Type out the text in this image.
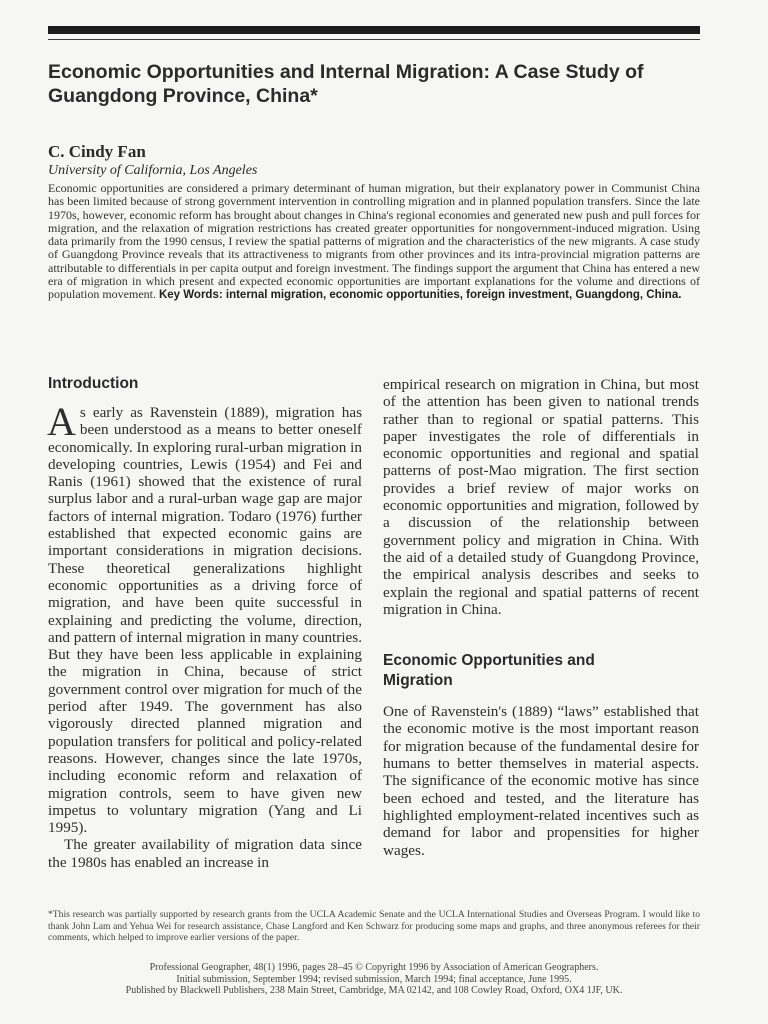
Economic Opportunities and Internal Migration: A Case Study of Guangdong Province, China*

C. Cindy Fan

University of California, Los Angeles

Economic opportunities are considered a primary determinant of human migration, but their explanatory power in Communist China has been limited because of strong government intervention in controlling migration and in planned population transfers. Since the late 1970s, however, economic reform has brought about changes in China's regional economies and generated new push and pull forces for migration, and the relaxation of migration restrictions has created greater opportunities for nongovernment-induced migration. Using data primarily from the 1990 census, I review the spatial patterns of migration and the characteristics of the new migrants. A case study of Guangdong Province reveals that its attractiveness to migrants from other provinces and its intra-provincial migration patterns are attributable to differentials in per capita output and foreign investment. The findings support the argument that China has entered a new era of migration in which present and expected economic opportunities are important explanations for the volume and directions of population movement. Key Words: internal migration, economic opportunities, foreign investment, Guangdong, China.

Introduction

As early as Ravenstein (1889), migration has been understood as a means to better oneself economically. In exploring rural-urban migration in developing countries, Lewis (1954) and Fei and Ranis (1961) showed that the existence of rural surplus labor and a rural-urban wage gap are major factors of internal migration. Todaro (1976) further established that expected economic gains are important considerations in migration decisions. These theoretical generalizations highlight economic opportunities as a driving force of migration, and have been quite successful in explaining and predicting the volume, direction, and pattern of internal migration in many countries. But they have been less applicable in explaining the migration in China, because of strict government control over migration for much of the period after 1949. The government has also vigorously directed planned migration and population transfers for political and policy-related reasons. However, changes since the late 1970s, including economic reform and relaxation of migration controls, seem to have given new impetus to voluntary migration (Yang and Li 1995).

The greater availability of migration data since the 1980s has enabled an increase in

empirical research on migration in China, but most of the attention has been given to national trends rather than to regional or spatial patterns. This paper investigates the role of differentials in economic opportunities and regional and spatial patterns of post-Mao migration. The first section provides a brief review of major works on economic opportunities and migration, followed by a discussion of the relationship between government policy and migration in China. With the aid of a detailed study of Guangdong Province, the empirical analysis describes and seeks to explain the regional and spatial patterns of recent migration in China.

Economic Opportunities and Migration

One of Ravenstein's (1889) “laws” established that the economic motive is the most important reason for migration because of the fundamental desire for humans to better themselves in material aspects. The significance of the economic motive has since been echoed and tested, and the literature has highlighted employment-related incentives such as demand for labor and propensities for higher wages.

*This research was partially supported by research grants from the UCLA Academic Senate and the UCLA International Studies and Overseas Program. I would like to thank John Lam and Yehua Wei for research assistance, Chase Langford and Ken Schwarz for producing some maps and graphs, and three anonymous referees for their comments, which helped to improve earlier versions of the paper.

Professional Geographer, 48(1) 1996, pages 28–45 © Copyright 1996 by Association of American Geographers.
Initial submission, September 1994; revised submission, March 1994; final acceptance, June 1995.
Published by Blackwell Publishers, 238 Main Street, Cambridge, MA 02142, and 108 Cowley Road, Oxford, OX4 1JF, UK.
